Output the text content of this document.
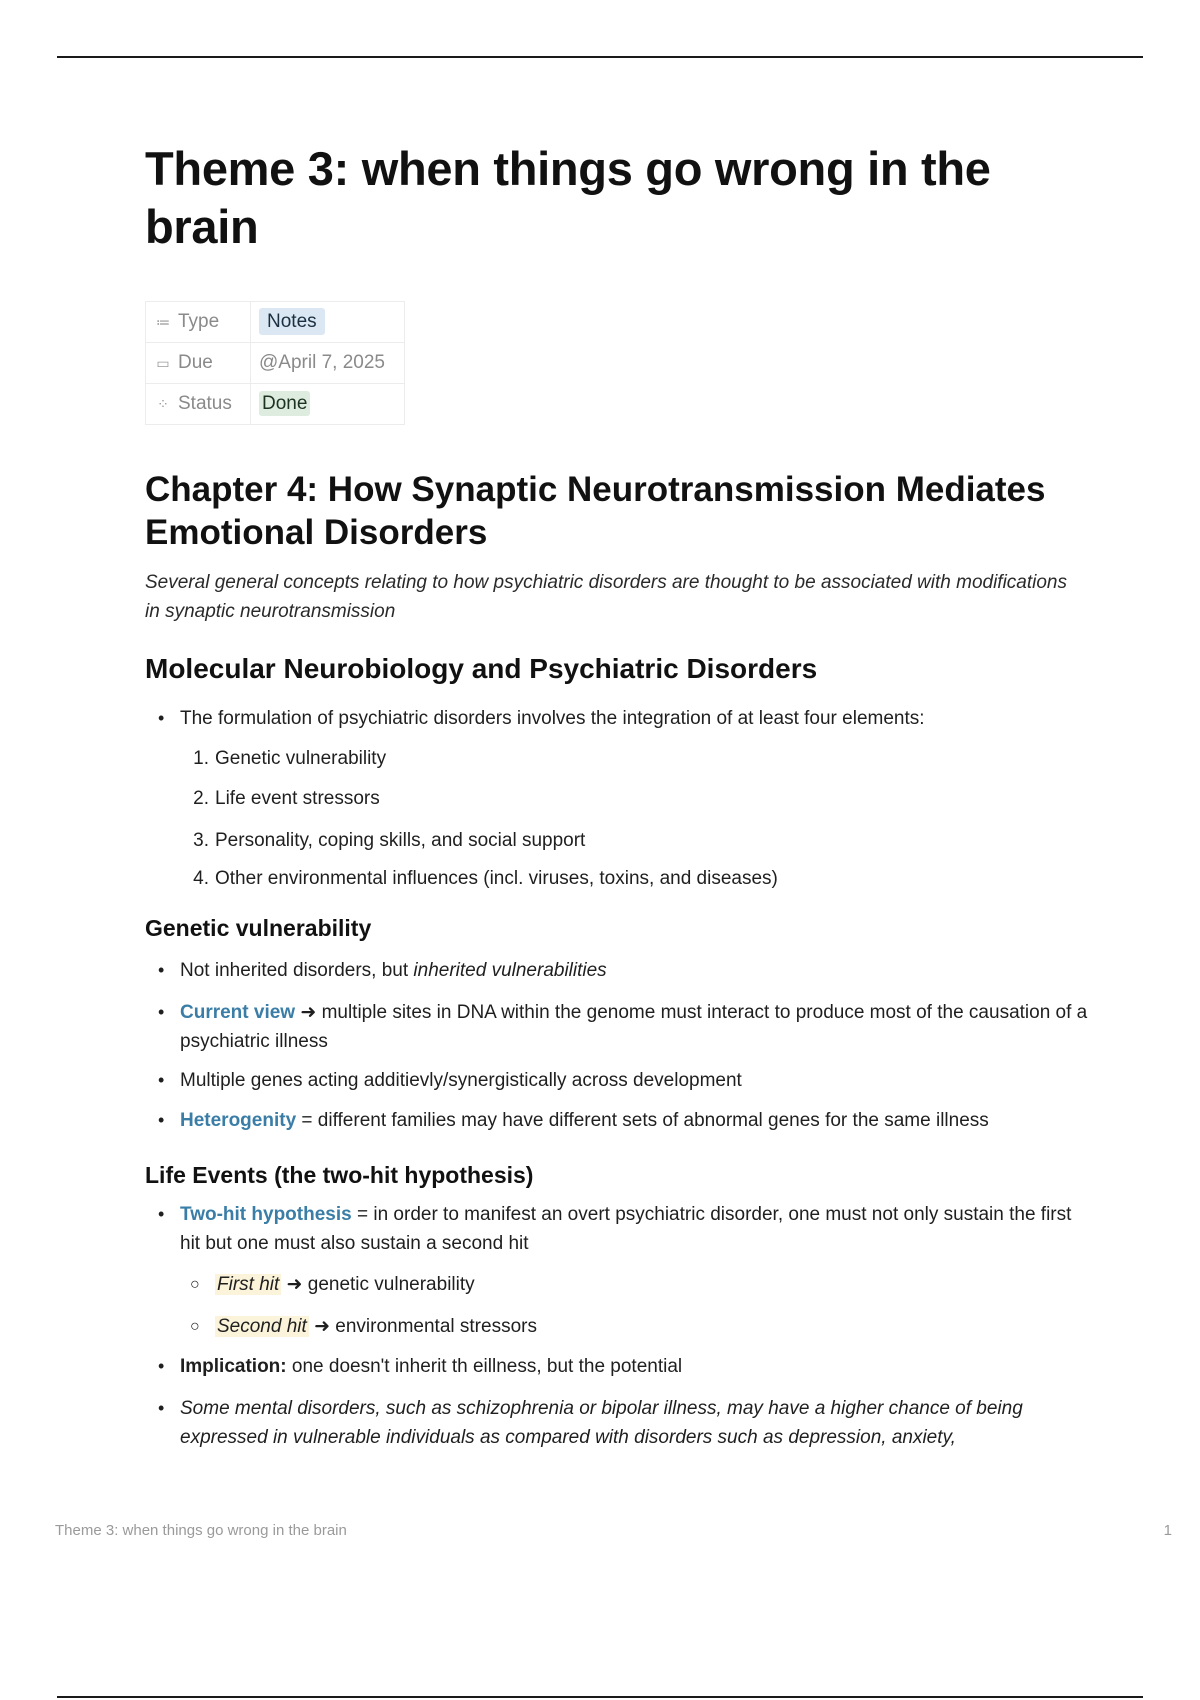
Theme 3: when things go wrong in the brain
≔ Type	Notes
▭ Due	@April 7, 2025
⁘ Status	Done
Chapter 4: How Synaptic Neurotransmission Mediates Emotional Disorders

Several general concepts relating to how psychiatric disorders are thought to be associated with modifications in synaptic neurotransmission

Molecular Neurobiology and Psychiatric Disorders
• The formulation of psychiatric disorders involves the integration of at least four elements:
1. Genetic vulnerability
2. Life event stressors
3. Personality, coping skills, and social support
4. Other environmental influences (incl. viruses, toxins, and diseases)
Genetic vulnerability
• Not inherited disorders, but inherited vulnerabilities
• Current view ➜ multiple sites in DNA within the genome must interact to produce most of the causation of a psychiatric illness
• Multiple genes acting additievly/synergistically across development
• Heterogenity = different families may have different sets of abnormal genes for the same illness
Life Events (the two-hit hypothesis)
• Two-hit hypothesis = in order to manifest an overt psychiatric disorder, one must not only sustain the first hit but one must also sustain a second hit
○ First hit ➜ genetic vulnerability
○ Second hit ➜ environmental stressors
• Implication: one doesn't inherit th eillness, but the potential
• Some mental disorders, such as schizophrenia or bipolar illness, may have a higher chance of being expressed in vulnerable individuals as compared with disorders such as depression, anxiety,
Theme 3: when things go wrong in the brain	1
